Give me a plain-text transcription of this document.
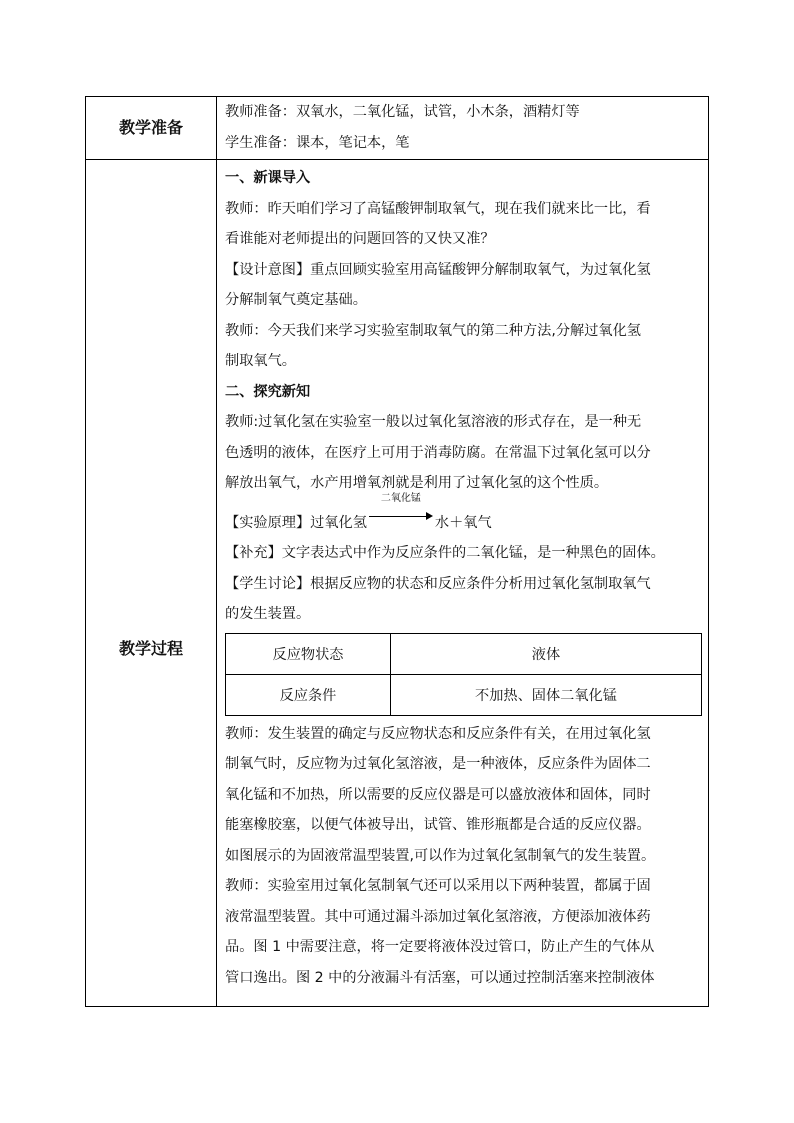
教学准备

教师准备：双氧水，二氧化锰，试管，小木条，酒精灯等
学生准备：课本，笔记本，笔

教学过程

一、新课导入
教师：昨天咱们学习了高锰酸钾制取氧气，现在我们就来比一比，看
看谁能对老师提出的问题回答的又快又准？
【设计意图】重点回顾实验室用高锰酸钾分解制取氧气，为过氧化氢
分解制氧气奠定基础。
教师：今天我们来学习实验室制取氧气的第二种方法,分解过氧化氢
制取氧气。
二、探究新知
教师:过氧化氢在实验室一般以过氧化氢溶液的形式存在，是一种无
色透明的液体，在医疗上可用于消毒防腐。在常温下过氧化氢可以分
解放出氧气，水产用增氧剂就是利用了过氧化氢的这个性质。
【实验原理】过氧化氢
二氧化锰
水＋氧气
【补充】文字表达式中作为反应条件的二氧化锰，是一种黑色的固体。
【学生讨论】根据反应物的状态和反应条件分析用过氧化氢制取氧气
的发生装置。
反应物状态	液体
反应条件	不加热、固体二氧化锰
教师：发生装置的确定与反应物状态和反应条件有关，在用过氧化氢
制氧气时，反应物为过氧化氢溶液，是一种液体，反应条件为固体二
氧化锰和不加热，所以需要的反应仪器是可以盛放液体和固体，同时
能塞橡胶塞，以便气体被导出，试管、锥形瓶都是合适的反应仪器。
如图展示的为固液常温型装置,可以作为过氧化氢制氧气的发生装置。
教师：实验室用过氧化氢制氧气还可以采用以下两种装置，都属于固
液常温型装置。其中可通过漏斗添加过氧化氢溶液，方便添加液体药
品。图 1 中需要注意，将一定要将液体没过管口，防止产生的气体从
管口逸出。图 2 中的分液漏斗有活塞，可以通过控制活塞来控制液体
